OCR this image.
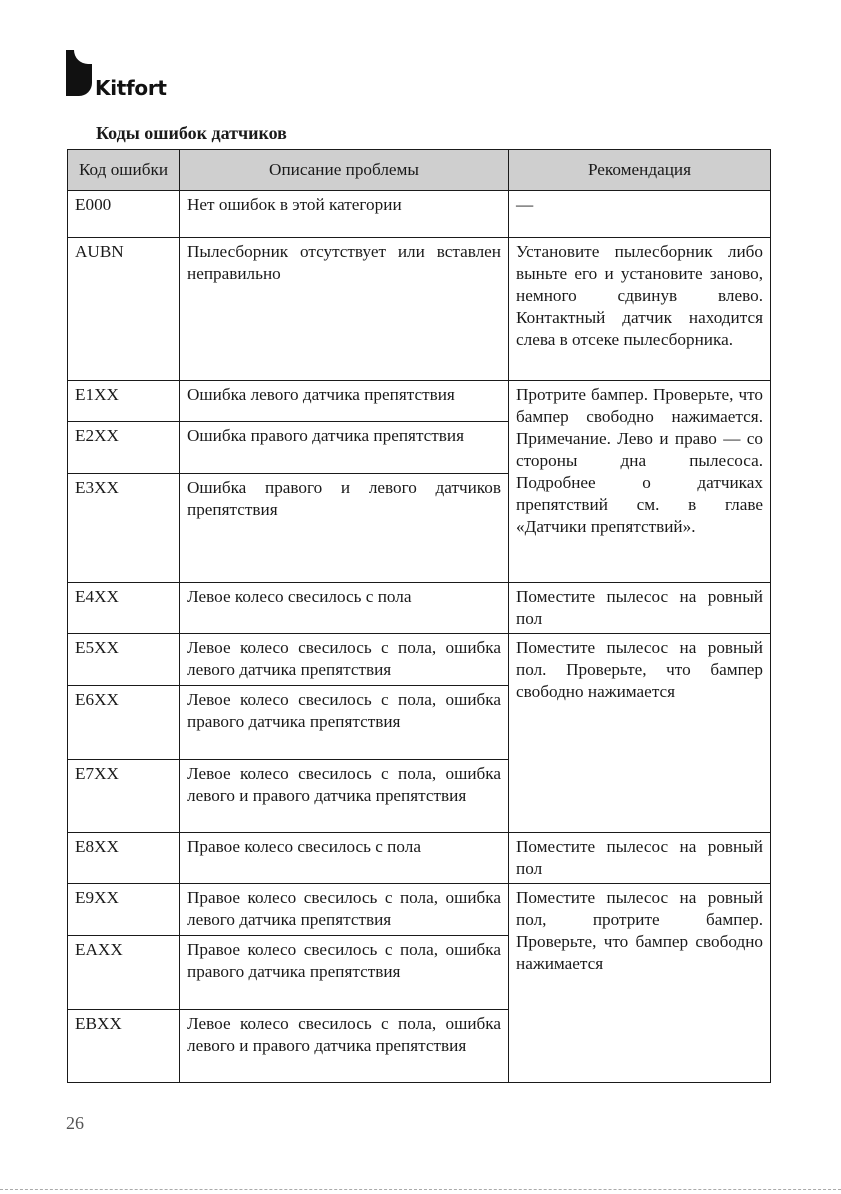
Kitfort
Коды ошибок датчиков
Код ошибки	Описание проблемы	Рекомендация
E000	Нет ошибок в этой категории	—
AUBN	Пылесборник отсутствует или вставлен неправильно	Установите пылесборник либо выньте его и установите заново, немного сдвинув влево. Контактный датчик находится слева в отсеке пылесборника.
E1XX	Ошибка левого датчика препятствия	Протрите бампер. Проверьте, что бампер свободно нажимается. Примечание. Лево и право — со стороны дна пылесоса. Подробнее о датчиках препятствий см. в главе «Датчики препятствий».
E2XX	Ошибка правого датчика препятствия	
E3XX	Ошибка правого и левого датчиков препятствия	
E4XX	Левое колесо свесилось с пола	Поместите пылесос на ровный пол
E5XX	Левое колесо свесилось с пола, ошибка левого датчика препятствия	Поместите пылесос на ровный пол. Проверьте, что бампер свободно нажимается
E6XX	Левое колесо свесилось с пола, ошибка правого датчика препятствия	
E7XX	Левое колесо свесилось с пола, ошибка левого и правого датчика препятствия	
E8XX	Правое колесо свесилось с пола	Поместите пылесос на ровный пол
E9XX	Правое колесо свесилось с пола, ошибка левого датчика препятствия	Поместите пылесос на ровный пол, протрите бампер. Проверьте, что бампер свободно нажимается
EAXX	Правое колесо свесилось с пола, ошибка правого датчика препятствия	
EBXX	Левое колесо свесилось с пола, ошибка левого и правого датчика препятствия	
26
